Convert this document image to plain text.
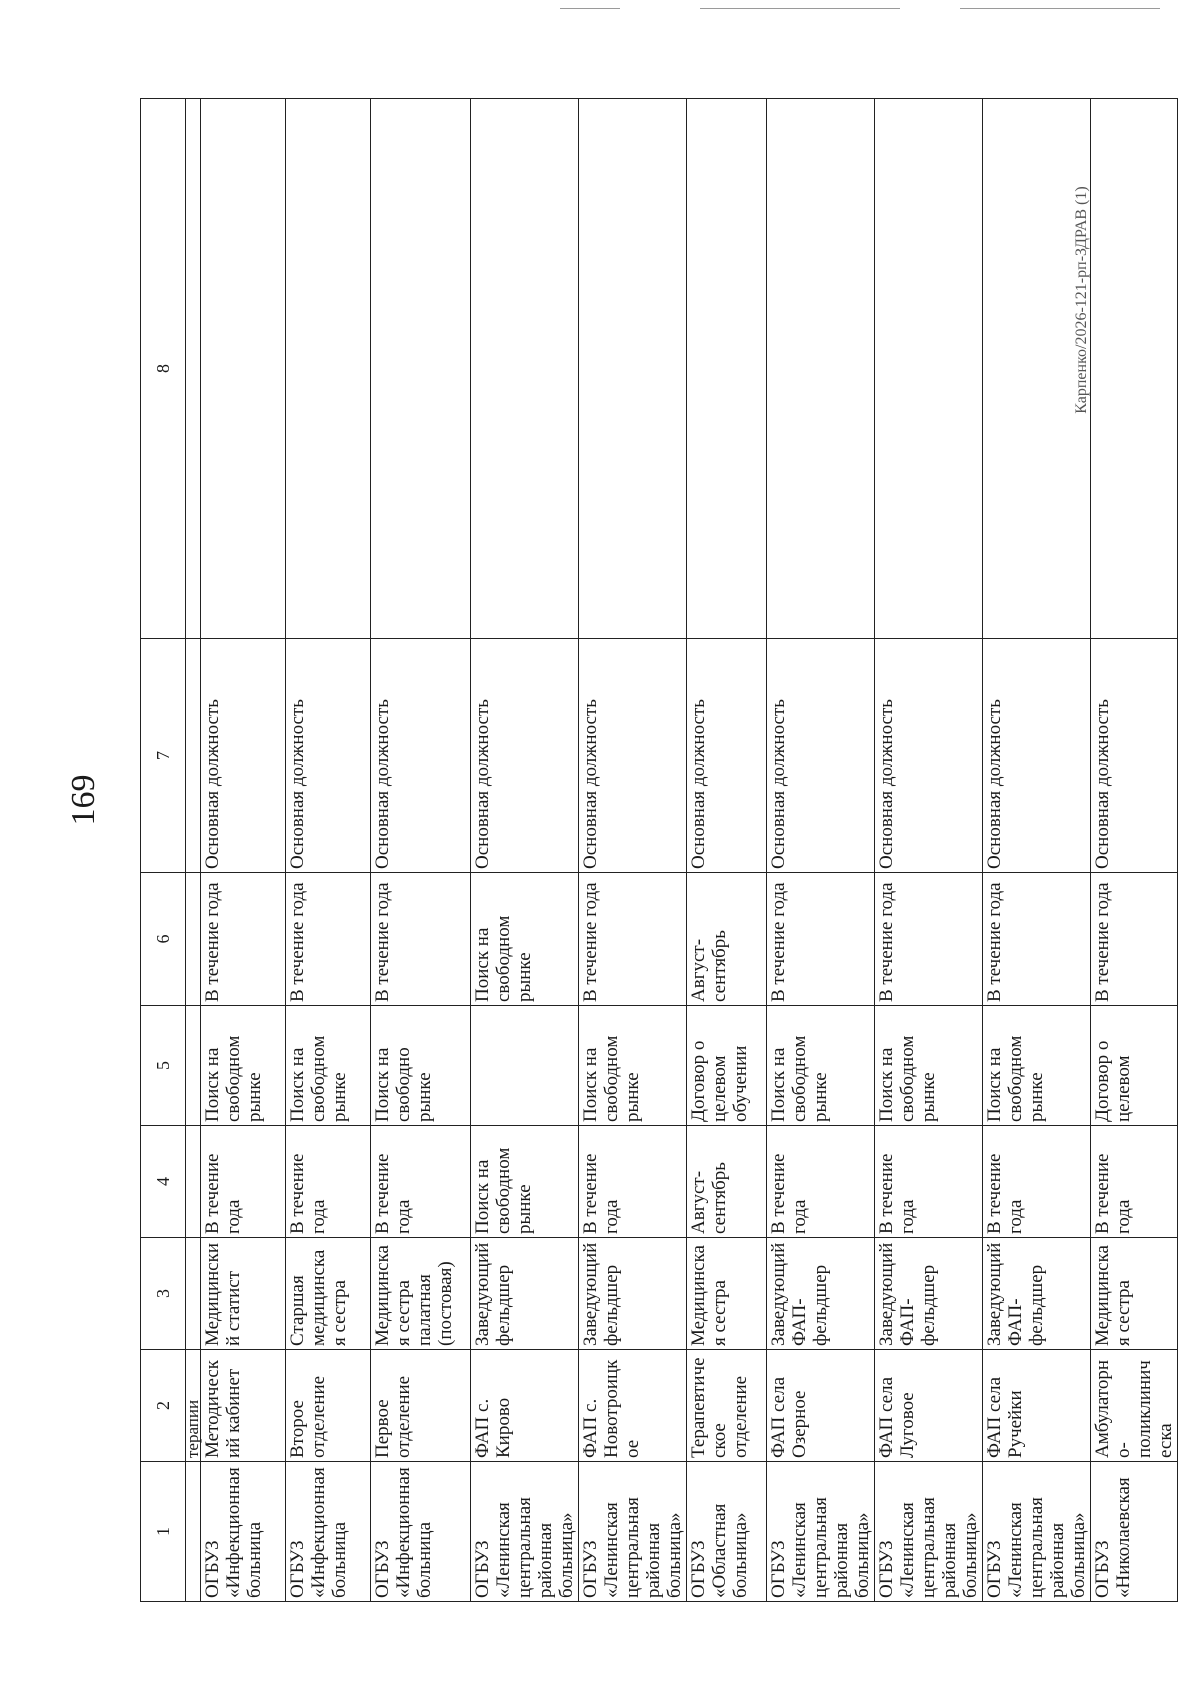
169
Карпенко/2026-121-рп-ЗДРАВ (1)
1	2	3	4	5	6	7	8
	терапии						
ОГБУЗ «Инфекционная больница	Методический кабинет	Медицинский статист	В течение года	Поиск на свободном рынке	В течение года	Основная должность	
ОГБУЗ «Инфекционная больница	Второе отделение	Старшая медицинская сестра	В течение года	Поиск на свободном рынке	В течение года	Основная должность	
ОГБУЗ «Инфекционная больница	Первое отделение	Медицинская сестра палатная (постовая)	В течение года	Поиск на свободно рынке	В течение года	Основная должность	
ОГБУЗ «Ленинская центральная районная больница»	ФАП с. Кирово	Заведующий фельдшер	Поиск на свободном рынке		Поиск на свободном рынке	Основная должность	
ОГБУЗ «Ленинская центральная районная больница»	ФАП с. Новотроицкое	Заведующий фельдшер	В течение года	Поиск на свободном рынке	В течение года	Основная должность	
ОГБУЗ «Областная больница»	Терапевтическое отделение	Медицинская сестра	Август-сентябрь	Договор о целевом обучении	Август-сентябрь	Основная должность	
ОГБУЗ «Ленинская центральная районная больница»	ФАП села Озерное	Заведующий ФАП-фельдшер	В течение года	Поиск на свободном рынке	В течение года	Основная должность	
ОГБУЗ «Ленинская центральная районная больница»	ФАП села Луговое	Заведующий ФАП-фельдшер	В течение года	Поиск на свободном рынке	В течение года	Основная должность	
ОГБУЗ «Ленинская центральная районная больница»	ФАП села Ручейки	Заведующий ФАП-фельдшер	В течение года	Поиск на свободном рынке	В течение года	Основная должность	
ОГБУЗ «Николаевская	Амбулаторно-поликлиническа	Медицинская сестра	В течение года	Договор о целевом	В течение года	Основная должность	
